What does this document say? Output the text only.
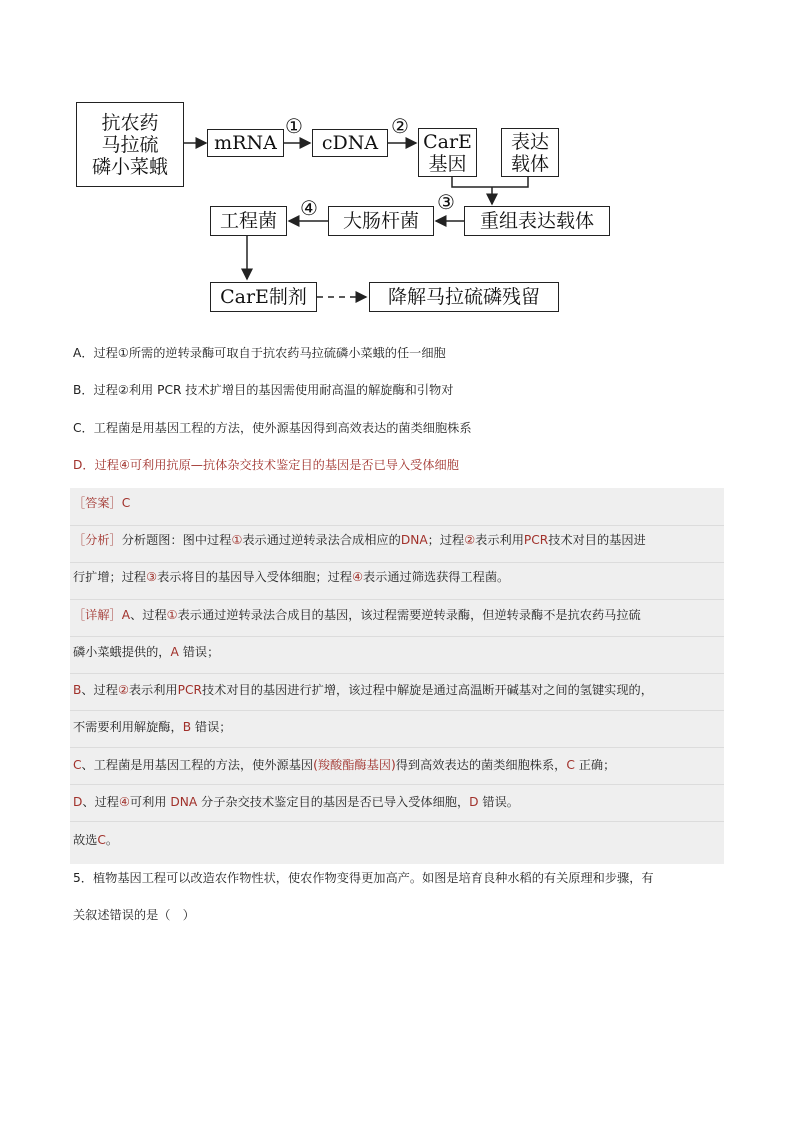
抗农药
马拉硫
磷小菜蛾
mRNA
①
cDNA
②
CarE
基因
表达
载体
③
重组表达载体
大肠杆菌
④
工程菌
CarE制剂	降解马拉硫磷残留
A．过程①所需的逆转录酶可取自于抗农药马拉硫磷小菜蛾的任一细胞
B．过程②利用 PCR 技术扩增目的基因需使用耐高温的解旋酶和引物对
C．工程菌是用基因工程的方法，使外源基因得到高效表达的菌类细胞株系
D．过程④可利用抗原—抗体杂交技术鉴定目的基因是否已导入受体细胞
［答案］C
［分析］分析题图：图中过程①表示通过逆转录法合成相应的DNA；过程②表示利用PCR技术对目的基因进
行扩增；过程③表示将目的基因导入受体细胞；过程④表示通过筛选获得工程菌。
［详解］A、过程①表示通过逆转录法合成目的基因，该过程需要逆转录酶，但逆转录酶不是抗农药马拉硫
磷小菜蛾提供的，A 错误；
B、过程②表示利用PCR技术对目的基因进行扩增，该过程中解旋是通过高温断开碱基对之间的氢键实现的，
不需要利用解旋酶，B 错误；
C、工程菌是用基因工程的方法，使外源基因(羧酸酯酶基因)得到高效表达的菌类细胞株系，C 正确；
D、过程④可利用 DNA 分子杂交技术鉴定目的基因是否已导入受体细胞，D 错误。
故选C。
5．植物基因工程可以改造农作物性状，使农作物变得更加高产。如图是培育良种水稻的有关原理和步骤，有
关叙述错误的是（　）
